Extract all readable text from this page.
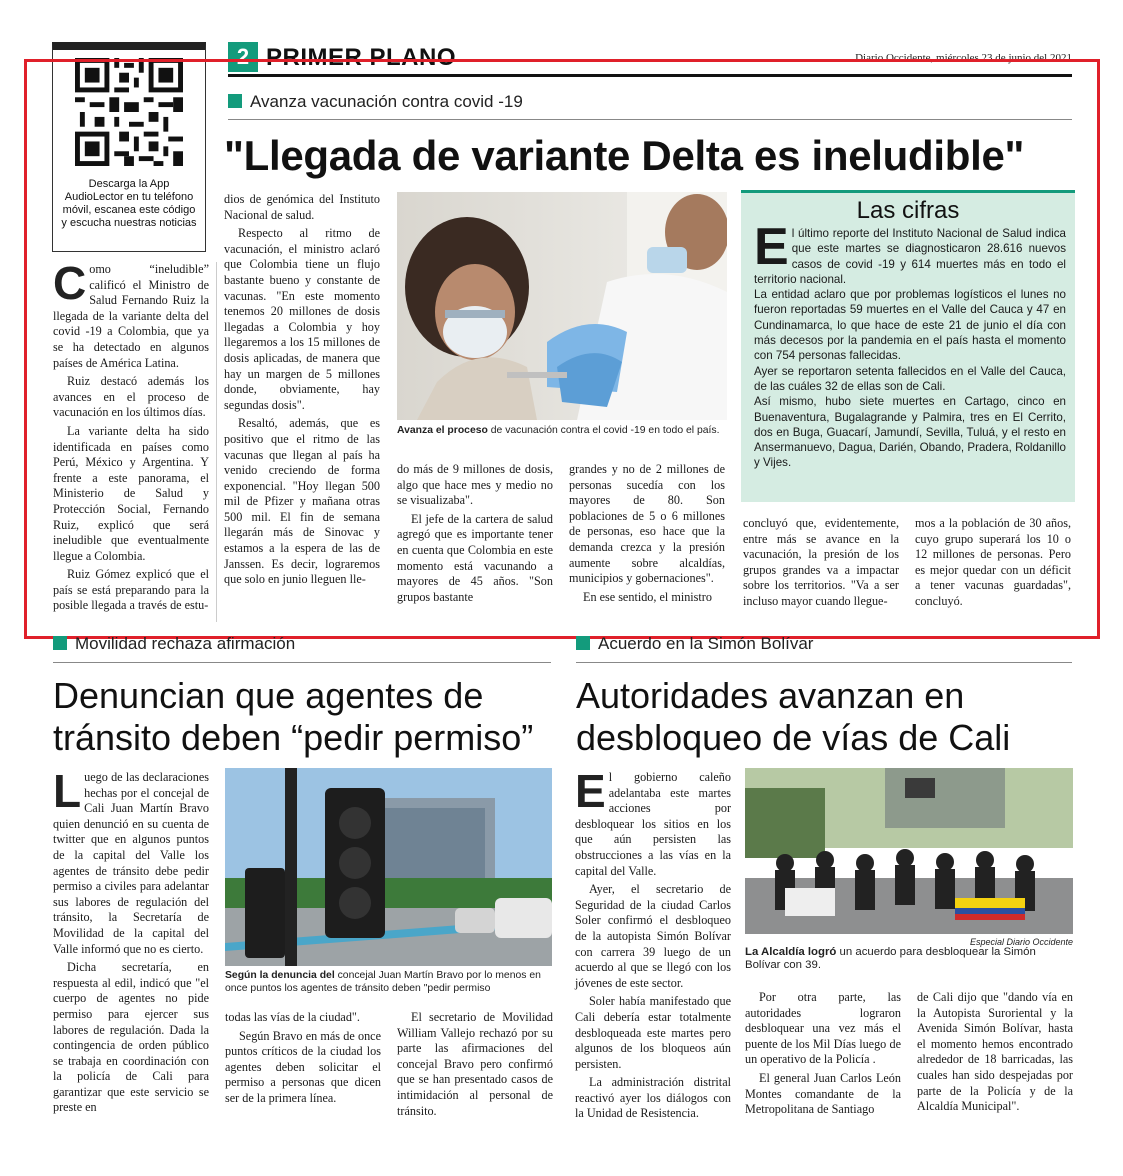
2 PRIMER PLANO	Diario Occidente, miércoles 23 de junio del 2021
Descarga la App AudioLector en tu teléfono móvil, escanea este código y escucha nuestras noticias
Avanza vacunación contra covid -19
"Llegada de variante Delta es ineludible"

Como “ineludible” calificó el Ministro de Salud Fernando Ruiz la llegada de la variante delta del covid -19 a Colombia, que ya se ha detectado en algunos países de América Latina.

Ruiz destacó además los avances en el proceso de vacunación en los últimos días.

La variante delta ha sido identificada en países como Perú, México y Argentina. Y frente a este panorama, el Ministerio de Salud y Protección Social, Fernando Ruiz, explicó que será ineludible que eventualmente llegue a Colombia.

Ruiz Gómez explicó que el país se está preparando para la posible llegada a través de estu-

dios de genómica del Instituto Nacional de salud.

Respecto al ritmo de vacunación, el ministro aclaró que Colombia tiene un flujo bastante bueno y constante de vacunas. "En este momento tenemos 20 millones de dosis llegadas a Colombia y hoy llegaremos a los 15 millones de dosis aplicadas, de manera que hay un margen de 5 millones donde, obviamente, hay segundas dosis".

Resaltó, además, que es positivo que el ritmo de las vacunas que llegan al país ha venido creciendo de forma exponencial. "Hoy llegan 500 mil de Pfizer y mañana otras 500 mil. El fin de semana llegarán más de Sinovac y estamos a la espera de las de Janssen. Es decir, lograremos que solo en junio lleguen lle-

Avanza el proceso de vacunación contra el covid -19 en todo el país.

do más de 9 millones de dosis, algo que hace mes y medio no se visualizaba".

El jefe de la cartera de salud agregó que es importante tener en cuenta que Colombia en este momento está vacunando a mayores de 45 años. "Son grupos bastante

grandes y no de 2 millones de personas sucedía con los mayores de 80. Son poblaciones de 5 o 6 millones de personas, eso hace que la demanda crezca y la presión aumente sobre alcaldías, municipios y gobernaciones".

En ese sentido, el ministro

Las cifras

El último reporte del Instituto Nacional de Salud indica que este martes se diagnosticaron 28.616 nuevos casos de covid -19 y 614 muertes más en todo el territorio nacional.

La entidad aclaro que por problemas logísticos el lunes no fueron reportadas 59 muertes en el Valle del Cauca y 47 en Cundinamarca, lo que hace de este 21 de junio el día con más decesos por la pandemia en el país hasta el momento con 754 personas fallecidas.

Ayer se reportaron setenta fallecidos en el Valle del Cauca, de las cuáles 32 de ellas son de Cali.

Así mismo, hubo siete muertes en Cartago, cinco en Buenaventura, Bugalagrande y Palmira, tres en El Cerrito, dos en Buga, Guacarí, Jamundí, Sevilla, Tuluá, y el resto en Ansermanuevo, Dagua, Darién, Obando, Pradera, Roldanillo y Vijes.

concluyó que, evidentemente, entre más se avance en la vacunación, la presión de los grupos grandes va a impactar sobre los territorios. "Va a ser incluso mayor cuando llegue-

mos a la población de 30 años, cuyo grupo superará los 10 o 12 millones de personas. Pero es mejor quedar con un déficit a tener vacunas guardadas", concluyó.

Movilidad rechaza afirmación
Denuncian que agentes de tránsito deben “pedir permiso”

Luego de las declaraciones hechas por el concejal de Cali Juan Martín Bravo quien denunció en su cuenta de twitter que en algunos puntos de la capital del Valle los agentes de tránsito debe pedir permiso a civiles para adelantar sus labores de regulación del tránsito, la Secretaría de Movilidad de la capital del Valle informó que no es cierto.

Dicha secretaría, en respuesta al edil, indicó que "el cuerpo de agentes no pide permiso para ejercer sus labores de regulación. Dada la contingencia de orden público se trabaja en coordinación con la policía de Cali para garantizar que este servicio se preste en

Según la denuncia del concejal Juan Martín Bravo por lo menos en once puntos los agentes de tránsito deben "pedir permiso

todas las vías de la ciudad".

Según Bravo en más de once puntos críticos de la ciudad los agentes deben solicitar el permiso a personas que dicen ser de la primera línea.

El secretario de Movilidad William Vallejo rechazó por su parte las afirmaciones del concejal Bravo pero confirmó que se han presentado casos de intimidación al personal de tránsito.

Acuerdo en la Simón Bolívar
Autoridades avanzan en desbloqueo de vías de Cali

El gobierno caleño adelantaba este martes acciones por desbloquear los sitios en los que aún persisten las obstrucciones a las vías en la capital del Valle.

Ayer, el secretario de Seguridad de la ciudad Carlos Soler confirmó el desbloqueo de la autopista Simón Bolívar con carrera 39 luego de un acuerdo al que se llegó con los jóvenes de este sector.

Soler había manifestado que Cali debería estar totalmente desbloqueada este martes pero algunos de los bloqueos aún persisten.

La administración distrital reactivó ayer los diálogos con la Unidad de Resistencia.

Especial Diario Occidente
La Alcaldía logró un acuerdo para desbloquear la Simón Bolívar con 39.

Por otra parte, las autoridades lograron desbloquear una vez más el puente de los Mil Días luego de un operativo de la Policía .

El general Juan Carlos León Montes comandante de la Metropolitana de Santiago

de Cali dijo que "dando vía en la Autopista Suroriental y la Avenida Simón Bolívar, hasta el momento hemos encontrado alrededor de 18 barricadas, las cuales han sido despejadas por parte de la Policía y de la Alcaldía Municipal".
